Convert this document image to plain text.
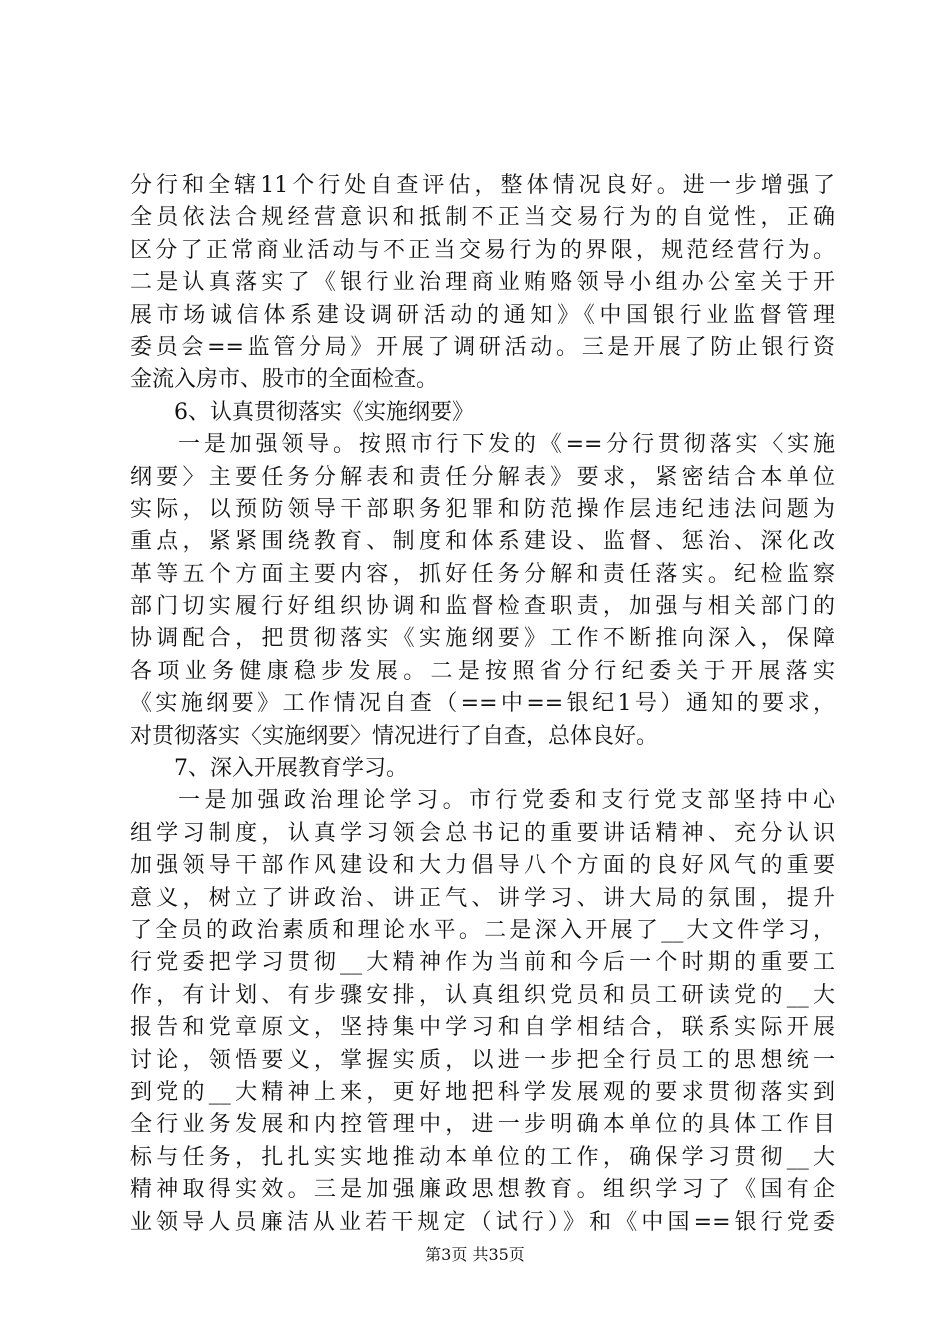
分行和全辖11个行处自查评估，整体情况良好。进一步增强了
全员依法合规经营意识和抵制不正当交易行为的自觉性，正确
区分了正常商业活动与不正当交易行为的界限，规范经营行为。
二是认真落实了《银行业治理商业贿赂领导小组办公室关于开
展市场诚信体系建设调研活动的通知》《中国银行业监督管理
委员会==监管分局》开展了调研活动。三是开展了防止银行资
金流入房市、股市的全面检查。
6、认真贯彻落实《实施纲要》
一是加强领导。按照市行下发的《==分行贯彻落实〈实施
纲要〉主要任务分解表和责任分解表》要求，紧密结合本单位
实际，以预防领导干部职务犯罪和防范操作层违纪违法问题为
重点，紧紧围绕教育、制度和体系建设、监督、惩治、深化改
革等五个方面主要内容，抓好任务分解和责任落实。纪检监察
部门切实履行好组织协调和监督检查职责，加强与相关部门的
协调配合，把贯彻落实《实施纲要》工作不断推向深入，保障
各项业务健康稳步发展。二是按照省分行纪委关于开展落实
《实施纲要》工作情况自查（==中==银纪1号）通知的要求，
对贯彻落实〈实施纲要〉情况进行了自查，总体良好。
7、深入开展教育学习。
一是加强政治理论学习。市行党委和支行党支部坚持中心
组学习制度，认真学习领会总书记的重要讲话精神、充分认识
加强领导干部作风建设和大力倡导八个方面的良好风气的重要
意义，树立了讲政治、讲正气、讲学习、讲大局的氛围，提升
了全员的政治素质和理论水平。二是深入开展了__大文件学习，
行党委把学习贯彻__大精神作为当前和今后一个时期的重要工
作，有计划、有步骤安排，认真组织党员和员工研读党的__大
报告和党章原文，坚持集中学习和自学相结合，联系实际开展
讨论，领悟要义，掌握实质，以进一步把全行员工的思想统一
到党的__大精神上来，更好地把科学发展观的要求贯彻落实到
全行业务发展和内控管理中，进一步明确本单位的具体工作目
标与任务，扎扎实实地推动本单位的工作，确保学习贯彻__大
精神取得实效。三是加强廉政思想教育。组织学习了《国有企
业领导人员廉洁从业若干规定（试行）》和《中国==银行党委
第3页 共35页
